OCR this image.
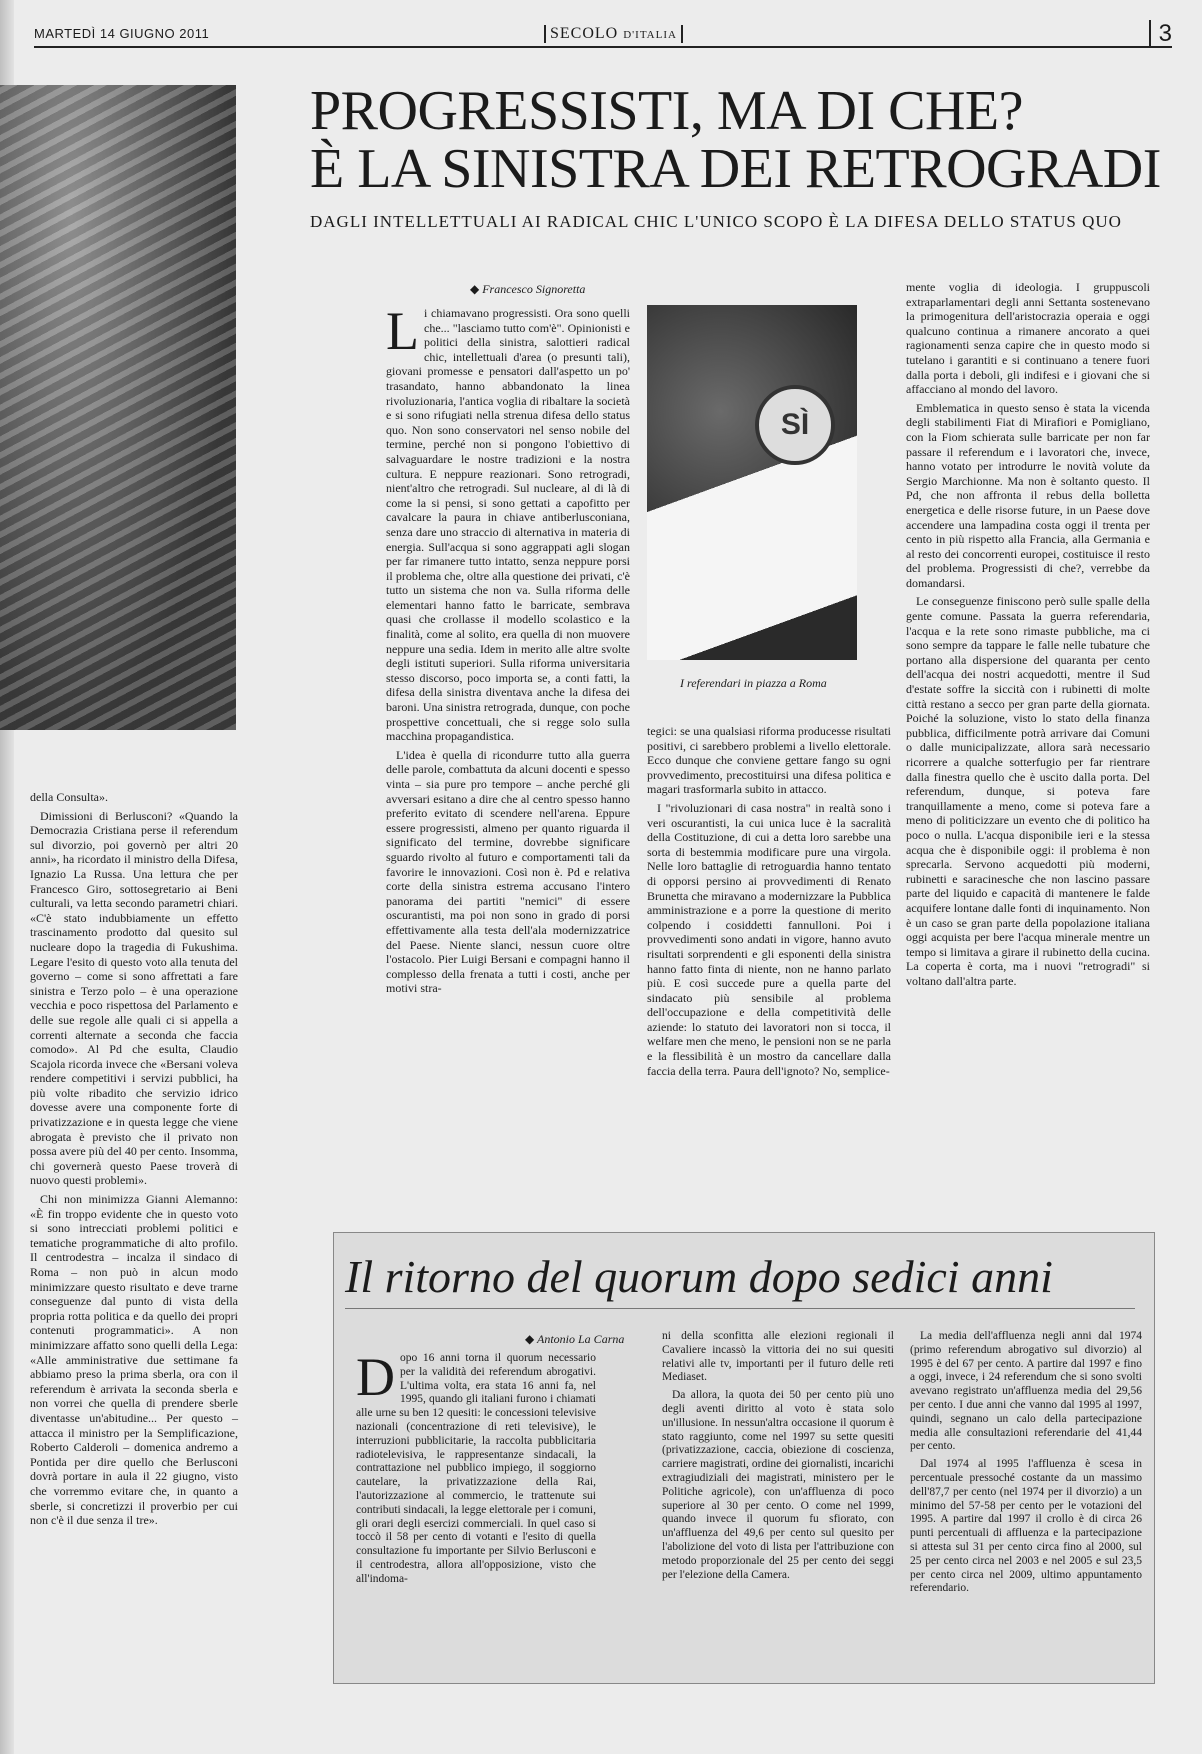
MARTEDÌ 14 GIUGNO 2011	SECOLO D'ITALIA	3
PROGRESSISTI, MA DI CHE?
È LA SINISTRA DEI RETROGRADI
DAGLI INTELLETTUALI AI RADICAL CHIC L'UNICO SCOPO È LA DIFESA DELLO STATUS QUO
◆ Francesco Signoretta

Li chiamavano progressisti. Ora sono quelli che... "lasciamo tutto com'è". Opinionisti e politici della sinistra, salottieri radical chic, intellettuali d'area (o presunti tali), giovani promesse e pensatori dall'aspetto un po' trasandato, hanno abbandonato la linea rivoluzionaria, l'antica voglia di ribaltare la società e si sono rifugiati nella strenua difesa dello status quo. Non sono conservatori nel senso nobile del termine, perché non si pongono l'obiettivo di salvaguardare le nostre tradizioni e la nostra cultura. E neppure reazionari. Sono retrogradi, nient'altro che retrogradi. Sul nucleare, al di là di come la si pensi, si sono gettati a capofitto per cavalcare la paura in chiave antiberlusconiana, senza dare uno straccio di alternativa in materia di energia. Sull'acqua si sono aggrappati agli slogan per far rimanere tutto intatto, senza neppure porsi il problema che, oltre alla questione dei privati, c'è tutto un sistema che non va. Sulla riforma delle elementari hanno fatto le barricate, sembrava quasi che crollasse il modello scolastico e la finalità, come al solito, era quella di non muovere neppure una sedia. Idem in merito alle altre svolte degli istituti superiori. Sulla riforma universitaria stesso discorso, poco importa se, a conti fatti, la difesa della sinistra diventava anche la difesa dei baroni. Una sinistra retrograda, dunque, con poche prospettive concettuali, che si regge solo sulla macchina propagandistica.

L'idea è quella di ricondurre tutto alla guerra delle parole, combattuta da alcuni docenti e spesso vinta – sia pure pro tempore – anche perché gli avversari esitano a dire che al centro spesso hanno preferito evitato di scendere nell'arena. Eppure essere progressisti, almeno per quanto riguarda il significato del termine, dovrebbe significare sguardo rivolto al futuro e comportamenti tali da favorire le innovazioni. Così non è. Pd e relativa corte della sinistra estrema accusano l'intero panorama dei partiti "nemici" di essere oscurantisti, ma poi non sono in grado di porsi effettivamente alla testa dell'ala modernizzatrice del Paese. Niente slanci, nessun cuore oltre l'ostacolo. Pier Luigi Bersani e compagni hanno il complesso della frenata a tutti i costi, anche per motivi stra-

SÌ
I referendari in piazza a Roma

tegici: se una qualsiasi riforma producesse risultati positivi, ci sarebbero problemi a livello elettorale. Ecco dunque che conviene gettare fango su ogni provvedimento, precostituirsi una difesa politica e magari trasformarla subito in attacco.

I "rivoluzionari di casa nostra" in realtà sono i veri oscurantisti, la cui unica luce è la sacralità della Costituzione, di cui a detta loro sarebbe una sorta di bestemmia modificare pure una virgola. Nelle loro battaglie di retroguardia hanno tentato di opporsi persino ai provvedimenti di Renato Brunetta che miravano a modernizzare la Pubblica amministrazione e a porre la questione di merito colpendo i cosiddetti fannulloni. Poi i provvedimenti sono andati in vigore, hanno avuto risultati sorprendenti e gli esponenti della sinistra hanno fatto finta di niente, non ne hanno parlato più. E così succede pure a quella parte del sindacato più sensibile al problema dell'occupazione e della competitività delle aziende: lo statuto dei lavoratori non si tocca, il welfare men che meno, le pensioni non se ne parla e la flessibilità è un mostro da cancellare dalla faccia della terra. Paura dell'ignoto? No, semplice-

mente voglia di ideologia. I gruppuscoli extraparlamentari degli anni Settanta sostenevano la primogenitura dell'aristocrazia operaia e oggi qualcuno continua a rimanere ancorato a quei ragionamenti senza capire che in questo modo si tutelano i garantiti e si continuano a tenere fuori dalla porta i deboli, gli indifesi e i giovani che si affacciano al mondo del lavoro.

Emblematica in questo senso è stata la vicenda degli stabilimenti Fiat di Mirafiori e Pomigliano, con la Fiom schierata sulle barricate per non far passare il referendum e i lavoratori che, invece, hanno votato per introdurre le novità volute da Sergio Marchionne. Ma non è soltanto questo. Il Pd, che non affronta il rebus della bolletta energetica e delle risorse future, in un Paese dove accendere una lampadina costa oggi il trenta per cento in più rispetto alla Francia, alla Germania e al resto dei concorrenti europei, costituisce il resto del problema. Progressisti di che?, verrebbe da domandarsi.

Le conseguenze finiscono però sulle spalle della gente comune. Passata la guerra referendaria, l'acqua e la rete sono rimaste pubbliche, ma ci sono sempre da tappare le falle nelle tubature che portano alla dispersione del quaranta per cento dell'acqua dei nostri acquedotti, mentre il Sud d'estate soffre la siccità con i rubinetti di molte città restano a secco per gran parte della giornata. Poiché la soluzione, visto lo stato della finanza pubblica, difficilmente potrà arrivare dai Comuni o dalle municipalizzate, allora sarà necessario ricorrere a qualche sotterfugio per far rientrare dalla finestra quello che è uscito dalla porta. Del referendum, dunque, si poteva fare tranquillamente a meno, come si poteva fare a meno di politicizzare un evento che di politico ha poco o nulla. L'acqua disponibile ieri e la stessa acqua che è disponibile oggi: il problema è non sprecarla. Servono acquedotti più moderni, rubinetti e saracinesche che non lascino passare parte del liquido e capacità di mantenere le falde acquifere lontane dalle fonti di inquinamento. Non è un caso se gran parte della popolazione italiana oggi acquista per bere l'acqua minerale mentre un tempo si limitava a girare il rubinetto della cucina. La coperta è corta, ma i nuovi "retrogradi" si voltano dall'altra parte.

della Consulta».

Dimissioni di Berlusconi? «Quando la Democrazia Cristiana perse il referendum sul divorzio, poi governò per altri 20 anni», ha ricordato il ministro della Difesa, Ignazio La Russa. Una lettura che per Francesco Giro, sottosegretario ai Beni culturali, va letta secondo parametri chiari. «C'è stato indubbiamente un effetto trascinamento prodotto dal quesito sul nucleare dopo la tragedia di Fukushima. Legare l'esito di questo voto alla tenuta del governo – come si sono affrettati a fare sinistra e Terzo polo – è una operazione vecchia e poco rispettosa del Parlamento e delle sue regole alle quali ci si appella a correnti alternate a seconda che faccia comodo». Al Pd che esulta, Claudio Scajola ricorda invece che «Bersani voleva rendere competitivi i servizi pubblici, ha più volte ribadito che servizio idrico dovesse avere una componente forte di privatizzazione e in questa legge che viene abrogata è previsto che il privato non possa avere più del 40 per cento. Insomma, chi governerà questo Paese troverà di nuovo questi problemi».

Chi non minimizza Gianni Alemanno: «È fin troppo evidente che in questo voto si sono intrecciati problemi politici e tematiche programmatiche di alto profilo. Il centrodestra – incalza il sindaco di Roma – non può in alcun modo minimizzare questo risultato e deve trarne conseguenze dal punto di vista della propria rotta politica e da quello dei propri contenuti programmatici». A non minimizzare affatto sono quelli della Lega: «Alle amministrative due settimane fa abbiamo preso la prima sberla, ora con il referendum è arrivata la seconda sberla e non vorrei che quella di prendere sberle diventasse un'abitudine... Per questo – attacca il ministro per la Semplificazione, Roberto Calderoli – domenica andremo a Pontida per dire quello che Berlusconi dovrà portare in aula il 22 giugno, visto che vorremmo evitare che, in quanto a sberle, si concretizzi il proverbio per cui non c'è il due senza il tre».

Il ritorno del quorum dopo sedici anni
◆ Antonio La Carna

Dopo 16 anni torna il quorum necessario per la validità dei referendum abrogativi. L'ultima volta, era stata 16 anni fa, nel 1995, quando gli italiani furono i chiamati alle urne su ben 12 quesiti: le concessioni televisive nazionali (concentrazione di reti televisive), le interruzioni pubblicitarie, la raccolta pubblicitaria radiotelevisiva, le rappresentanze sindacali, la contrattazione nel pubblico impiego, il soggiorno cautelare, la privatizzazione della Rai, l'autorizzazione al commercio, le trattenute sui contributi sindacali, la legge elettorale per i comuni, gli orari degli esercizi commerciali. In quel caso si toccò il 58 per cento di votanti e l'esito di quella consultazione fu importante per Silvio Berlusconi e il centrodestra, allora all'opposizione, visto che all'indoma-

ni della sconfitta alle elezioni regionali il Cavaliere incassò la vittoria dei no sui quesiti relativi alle tv, importanti per il futuro delle reti Mediaset.

Da allora, la quota dei 50 per cento più uno degli aventi diritto al voto è stata solo un'illusione. In nessun'altra occasione il quorum è stato raggiunto, come nel 1997 su sette quesiti (privatizzazione, caccia, obiezione di coscienza, carriere magistrati, ordine dei giornalisti, incarichi extragiudiziali dei magistrati, ministero per le Politiche agricole), con un'affluenza di poco superiore al 30 per cento. O come nel 1999, quando invece il quorum fu sfiorato, con un'affluenza del 49,6 per cento sul quesito per l'abolizione del voto di lista per l'attribuzione con metodo proporzionale del 25 per cento dei seggi per l'elezione della Camera.

La media dell'affluenza negli anni dal 1974 (primo referendum abrogativo sul divorzio) al 1995 è del 67 per cento. A partire dal 1997 e fino a oggi, invece, i 24 referendum che si sono svolti avevano registrato un'affluenza media del 29,56 per cento. I due anni che vanno dal 1995 al 1997, quindi, segnano un calo della partecipazione media alle consultazioni referendarie del 41,44 per cento.

Dal 1974 al 1995 l'affluenza è scesa in percentuale pressoché costante da un massimo dell'87,7 per cento (nel 1974 per il divorzio) a un minimo del 57-58 per cento per le votazioni del 1995. A partire dal 1997 il crollo è di circa 26 punti percentuali di affluenza e la partecipazione si attesta sul 31 per cento circa fino al 2000, sul 25 per cento circa nel 2003 e nel 2005 e sul 23,5 per cento circa nel 2009, ultimo appuntamento referendario.
